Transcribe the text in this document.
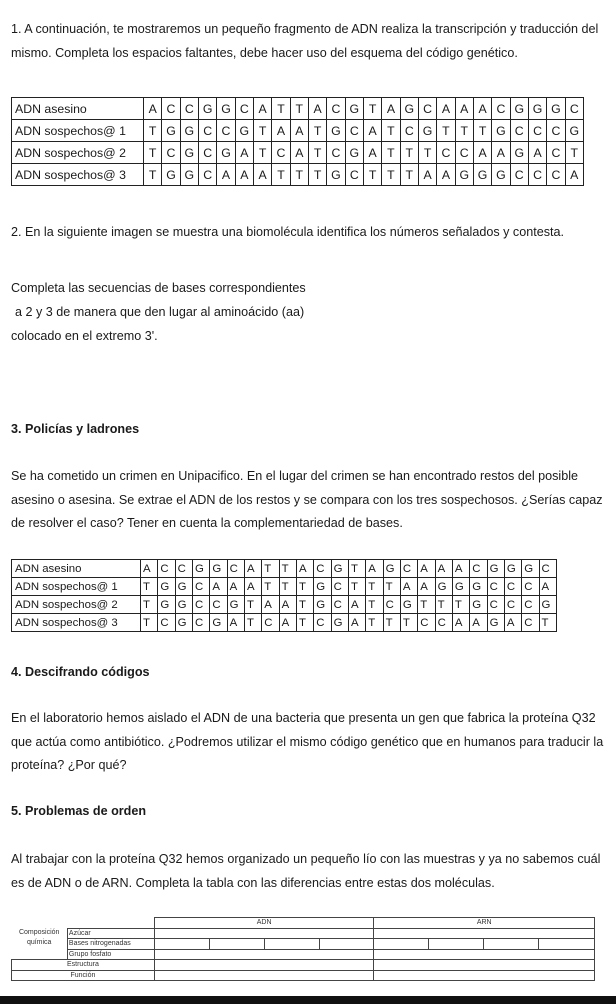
1. A continuación, te mostraremos un pequeño fragmento de ADN realiza la transcripción y traducción del mismo. Completa los espacios faltantes, debe hacer uso del esquema del código genético.

ADN asesino	A	C	C	G	G	C	A	T	T	A	C	G	T	A	G	C	A	A	A	C	G	G	G	C
ADN sospechos@ 1	T	G	G	C	C	G	T	A	A	T	G	C	A	T	C	G	T	T	T	G	C	C	C	G
ADN sospechos@ 2	T	C	G	C	G	A	T	C	A	T	C	G	A	T	T	T	C	C	A	A	G	A	C	T
ADN sospechos@ 3	T	G	G	C	A	A	A	T	T	T	G	C	T	T	T	A	A	G	G	G	C	C	C	A

2. En la siguiente imagen se muestra una biomolécula identifica los números señalados y contesta.

Completa las secuencias de bases correspondientes

a 2 y 3 de manera que den lugar al aminoácido (aa)

colocado en el extremo 3'.

3. Policías y ladrones

Se ha cometido un crimen en Unipacifico. En el lugar del crimen se han encontrado restos del posible asesino o asesina. Se extrae el ADN de los restos y se compara con los tres sospechosos. ¿Serías capaz de resolver el caso? Tener en cuenta la complementariedad de bases.

ADN asesino	A	C	C	G	G	C	A	T	T	A	C	G	T	A	G	C	A	A	A	C	G	G	G	C
ADN sospechos@ 1	T	G	G	C	A	A	A	T	T	T	G	C	T	T	T	A	A	G	G	G	C	C	C	A
ADN sospechos@ 2	T	G	G	C	C	G	T	A	A	T	G	C	A	T	C	G	T	T	T	G	C	C	C	G
ADN sospechos@ 3	T	C	G	C	G	A	T	C	A	T	C	G	A	T	T	T	C	C	A	A	G	A	C	T

4. Descifrando códigos

En el laboratorio hemos aislado el ADN de una bacteria que presenta un gen que fabrica la proteína Q32 que actúa como antibiótico. ¿Podremos utilizar el mismo código genético que en humanos para traducir la proteína? ¿Por qué?

5. Problemas de orden

Al trabajar con la proteína Q32 hemos organizado un pequeño lío con las muestras y ya no sabemos cuál es de ADN o de ARN. Completa la tabla con las diferencias entre estas dos moléculas.

		ADN				ARN			
Composición
química	Azúcar								
	Bases nitrogenadas								
	Grupo fosfato								
Estructura									
Función									
